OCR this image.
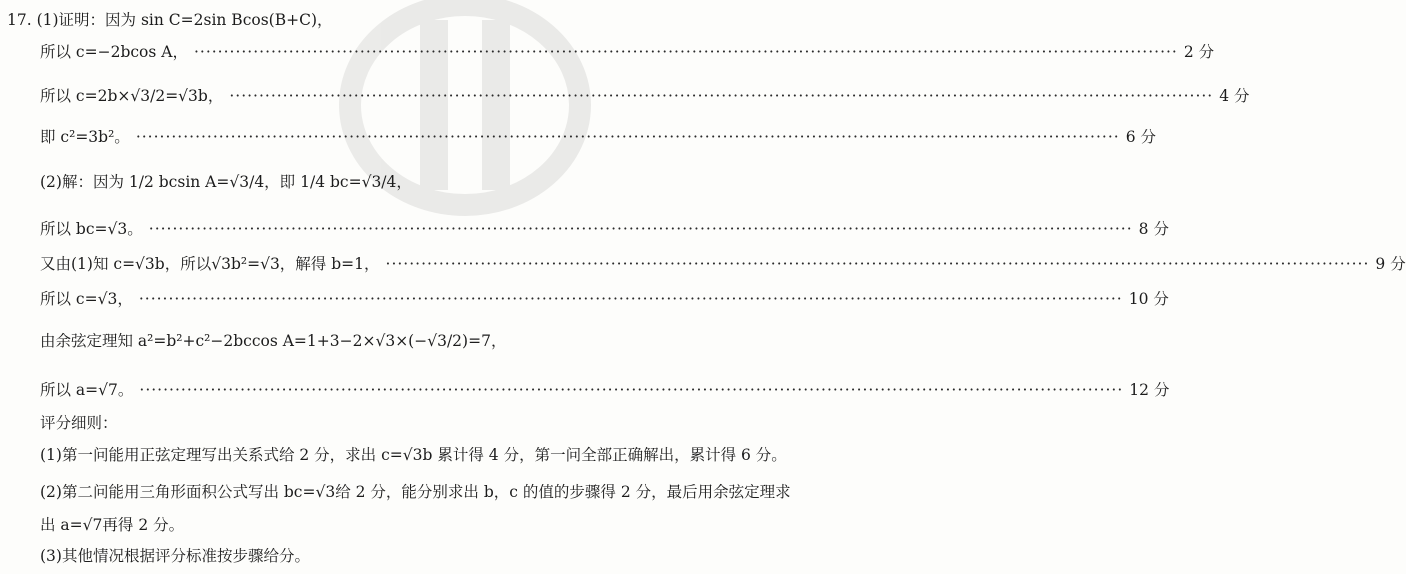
17. (1)证明：因为 sin C=2sin Bcos(B+C)，
所以 c=−2bcos A， ······································································································································································ 2 分
所以 c=2b×√3/2=√3b， ······································································································································································ 4 分
即 c²=3b²。 ······································································································································································ 6 分
(2)解：因为 1/2 bcsin A=√3/4，即 1/4 bc=√3/4，
所以 bc=√3。 ······································································································································································ 8 分
又由(1)知 c=√3b，所以√3b²=√3，解得 b=1， ······································································································································································ 9 分
所以 c=√3， ······································································································································································ 10 分
由余弦定理知 a²=b²+c²−2bccos A=1+3−2×√3×(−√3/2)=7，
所以 a=√7。 ······································································································································································ 12 分
评分细则：
(1)第一问能用正弦定理写出关系式给 2 分，求出 c=√3b 累计得 4 分，第一问全部正确解出，累计得 6 分。
(2)第二问能用三角形面积公式写出 bc=√3给 2 分，能分别求出 b，c 的值的步骤得 2 分，最后用余弦定理求
出 a=√7再得 2 分。
(3)其他情况根据评分标准按步骤给分。
